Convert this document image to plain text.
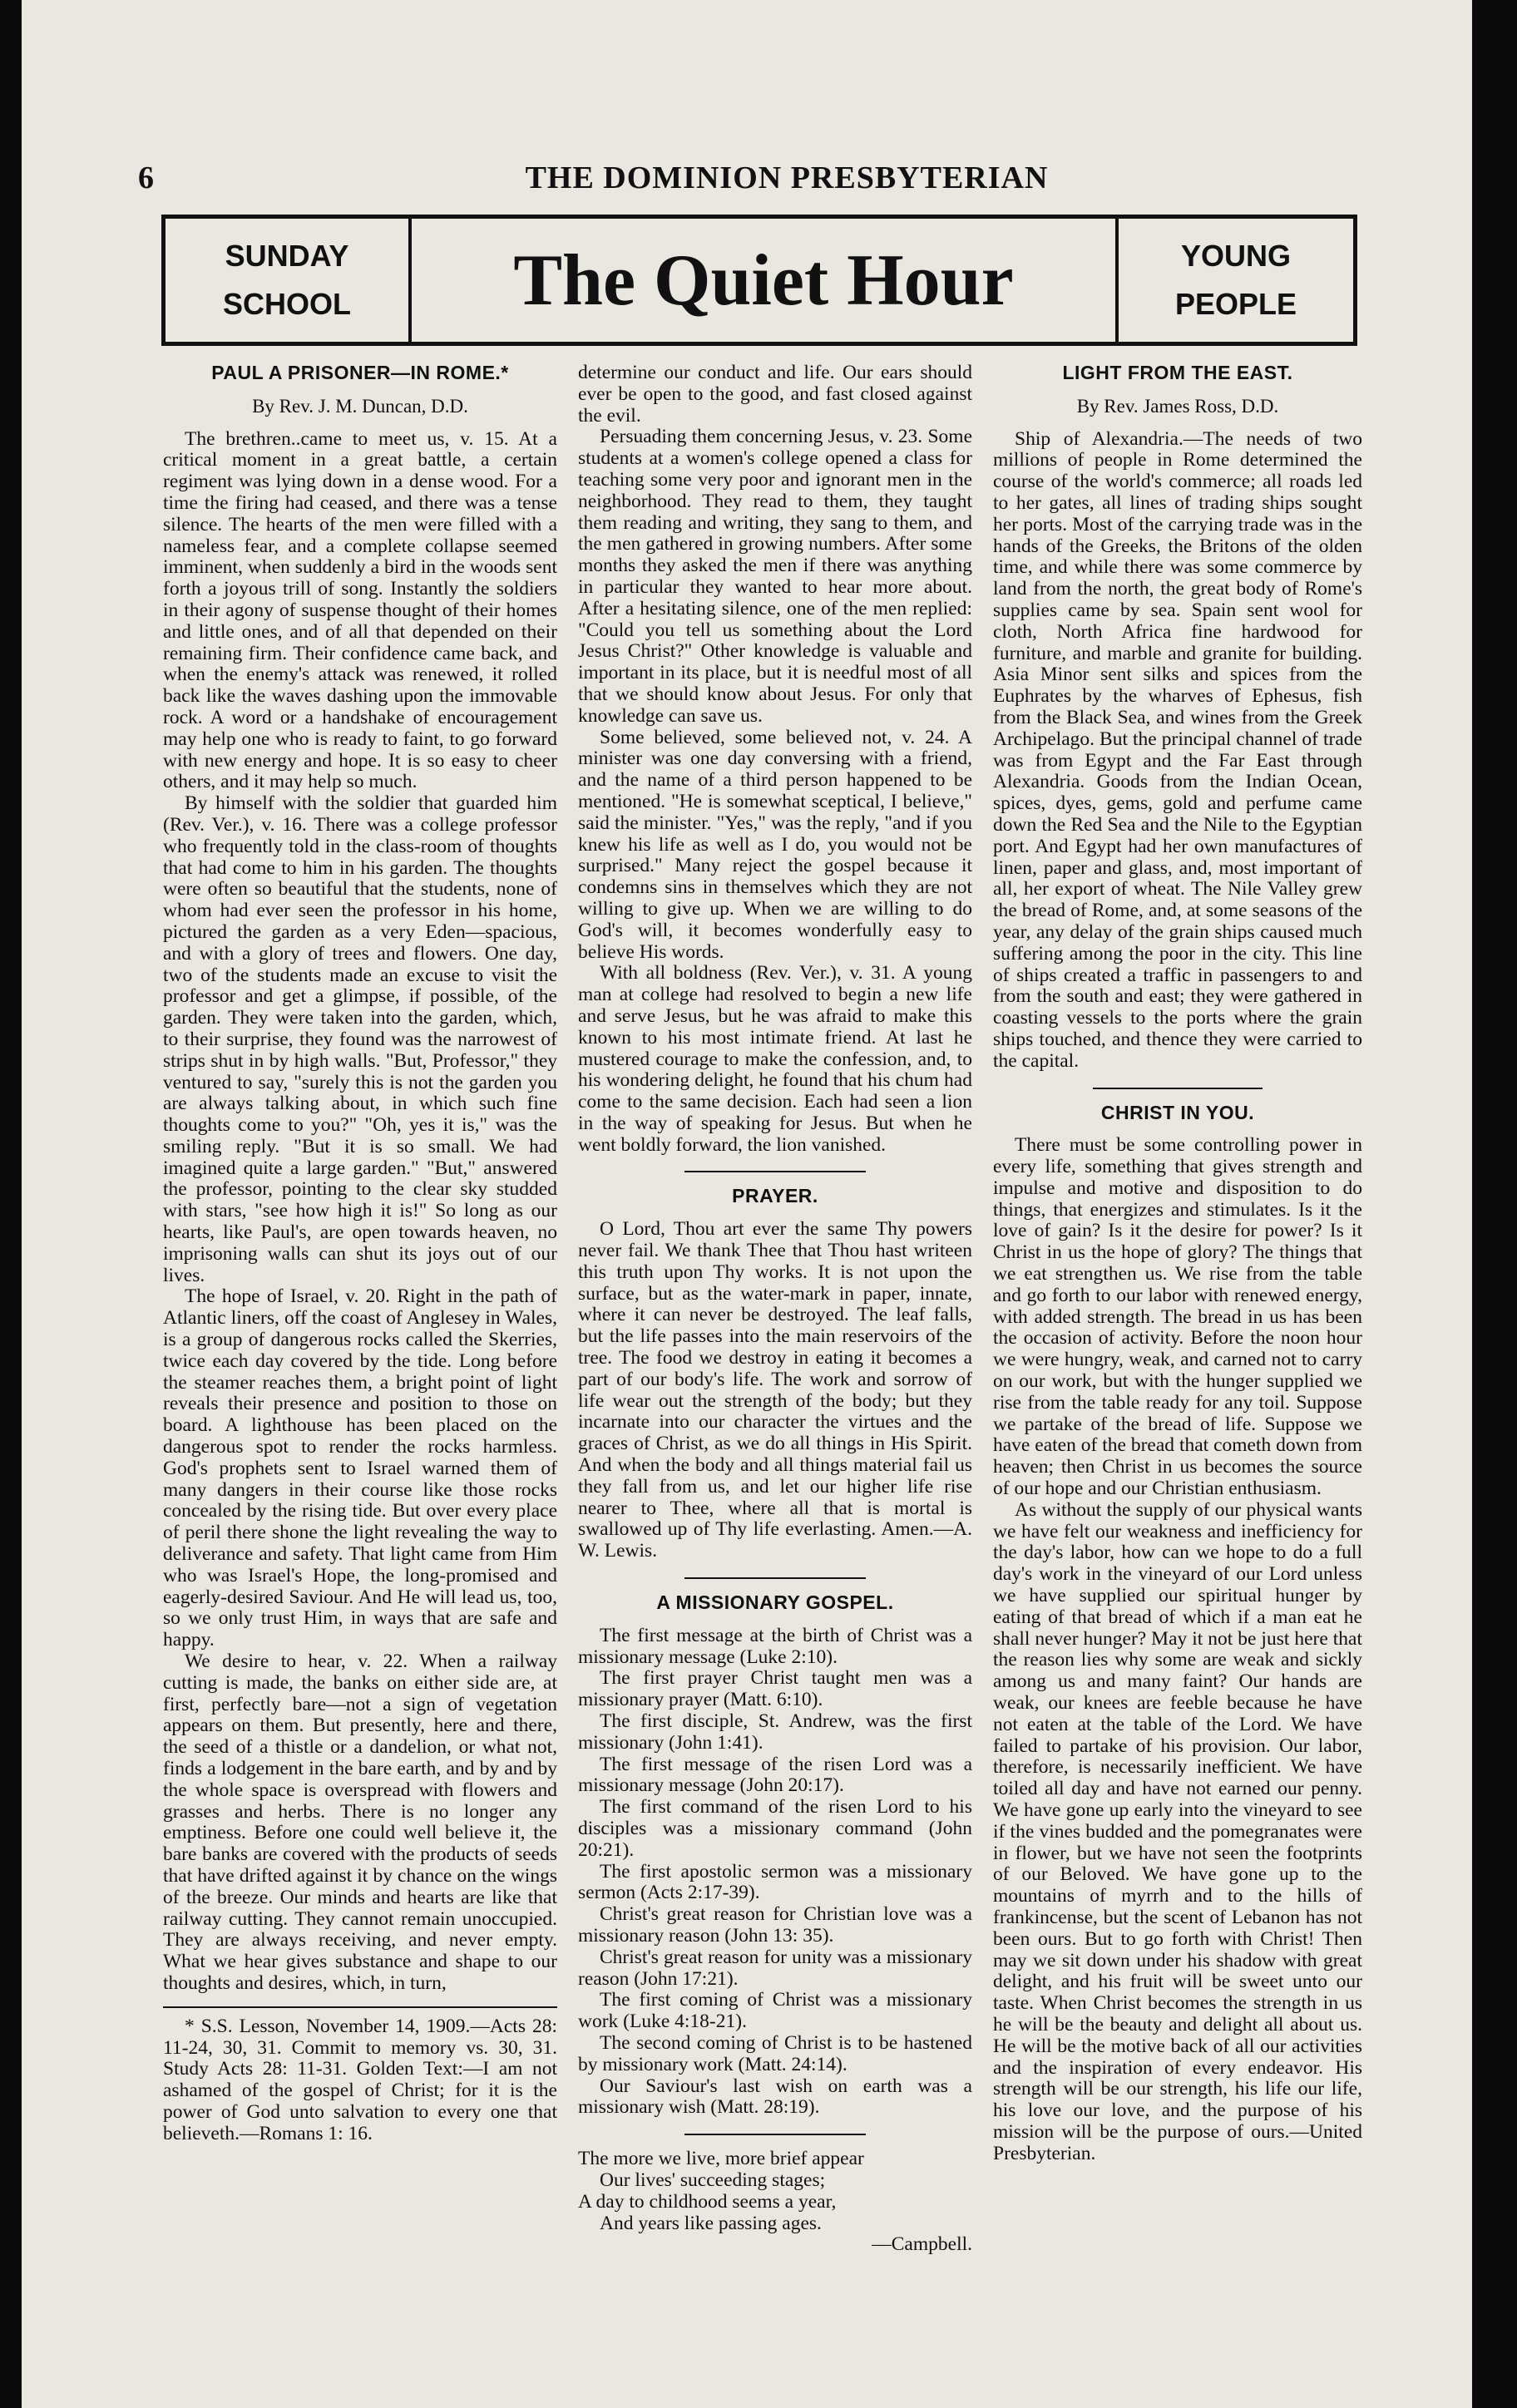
6	THE DOMINION PRESBYTERIAN
SUNDAY
SCHOOL	The Quiet Hour	YOUNG
PEOPLE
PAUL A PRISONER—IN ROME.*
By Rev. J. M. Duncan, D.D.

The brethren..came to meet us, v. 15. At a critical moment in a great battle, a certain regiment was lying down in a dense wood. For a time the firing had ceased, and there was a tense silence. The hearts of the men were filled with a nameless fear, and a complete collapse seemed imminent, when suddenly a bird in the woods sent forth a joyous trill of song. Instantly the soldiers in their agony of suspense thought of their homes and little ones, and of all that depended on their remaining firm. Their confidence came back, and when the enemy's attack was renewed, it rolled back like the waves dashing upon the immovable rock. A word or a handshake of encouragement may help one who is ready to faint, to go forward with new energy and hope. It is so easy to cheer others, and it may help so much.

By himself with the soldier that guarded him (Rev. Ver.), v. 16. There was a college professor who frequently told in the class-room of thoughts that had come to him in his garden. The thoughts were often so beautiful that the students, none of whom had ever seen the professor in his home, pictured the garden as a very Eden—spacious, and with a glory of trees and flowers. One day, two of the students made an excuse to visit the professor and get a glimpse, if possible, of the garden. They were taken into the garden, which, to their surprise, they found was the narrowest of strips shut in by high walls. "But, Professor," they ventured to say, "surely this is not the garden you are always talking about, in which such fine thoughts come to you?" "Oh, yes it is," was the smiling reply. "But it is so small. We had imagined quite a large garden." "But," answered the professor, pointing to the clear sky studded with stars, "see how high it is!" So long as our hearts, like Paul's, are open towards heaven, no imprisoning walls can shut its joys out of our lives.

The hope of Israel, v. 20. Right in the path of Atlantic liners, off the coast of Anglesey in Wales, is a group of dangerous rocks called the Skerries, twice each day covered by the tide. Long before the steamer reaches them, a bright point of light reveals their presence and position to those on board. A lighthouse has been placed on the dangerous spot to render the rocks harmless. God's prophets sent to Israel warned them of many dangers in their course like those rocks concealed by the rising tide. But over every place of peril there shone the light revealing the way to deliverance and safety. That light came from Him who was Israel's Hope, the long-promised and eagerly-desired Saviour. And He will lead us, too, so we only trust Him, in ways that are safe and happy.

We desire to hear, v. 22. When a railway cutting is made, the banks on either side are, at first, perfectly bare—not a sign of vegetation appears on them. But presently, here and there, the seed of a thistle or a dandelion, or what not, finds a lodgement in the bare earth, and by and by the whole space is overspread with flowers and grasses and herbs. There is no longer any emptiness. Before one could well believe it, the bare banks are covered with the products of seeds that have drifted against it by chance on the wings of the breeze. Our minds and hearts are like that railway cutting. They cannot remain unoccupied. They are always receiving, and never empty. What we hear gives substance and shape to our thoughts and desires, which, in turn,

* S.S. Lesson, November 14, 1909.—Acts 28: 11-24, 30, 31. Commit to memory vs. 30, 31. Study Acts 28: 11-31. Golden Text:—I am not ashamed of the gospel of Christ; for it is the power of God unto salvation to every one that believeth.—Romans 1: 16.

determine our conduct and life. Our ears should ever be open to the good, and fast closed against the evil.

Persuading them concerning Jesus, v. 23. Some students at a women's college opened a class for teaching some very poor and ignorant men in the neighborhood. They read to them, they taught them reading and writing, they sang to them, and the men gathered in growing numbers. After some months they asked the men if there was anything in particular they wanted to hear more about. After a hesitating silence, one of the men replied: "Could you tell us something about the Lord Jesus Christ?" Other knowledge is valuable and important in its place, but it is needful most of all that we should know about Jesus. For only that knowledge can save us.

Some believed, some believed not, v. 24. A minister was one day conversing with a friend, and the name of a third person happened to be mentioned. "He is somewhat sceptical, I believe," said the minister. "Yes," was the reply, "and if you knew his life as well as I do, you would not be surprised." Many reject the gospel because it condemns sins in themselves which they are not willing to give up. When we are willing to do God's will, it becomes wonderfully easy to believe His words.

With all boldness (Rev. Ver.), v. 31. A young man at college had resolved to begin a new life and serve Jesus, but he was afraid to make this known to his most intimate friend. At last he mustered courage to make the confession, and, to his wondering delight, he found that his chum had come to the same decision. Each had seen a lion in the way of speaking for Jesus. But when he went boldly forward, the lion vanished.

PRAYER.

O Lord, Thou art ever the same Thy powers never fail. We thank Thee that Thou hast writeen this truth upon Thy works. It is not upon the surface, but as the water-mark in paper, innate, where it can never be destroyed. The leaf falls, but the life passes into the main reservoirs of the tree. The food we destroy in eating it becomes a part of our body's life. The work and sorrow of life wear out the strength of the body; but they incarnate into our character the virtues and the graces of Christ, as we do all things in His Spirit. And when the body and all things material fail us they fall from us, and let our higher life rise nearer to Thee, where all that is mortal is swallowed up of Thy life everlasting. Amen.—A. W. Lewis.

A MISSIONARY GOSPEL.

The first message at the birth of Christ was a missionary message (Luke 2:10).

The first prayer Christ taught men was a missionary prayer (Matt. 6:10).

The first disciple, St. Andrew, was the first missionary (John 1:41).

The first message of the risen Lord was a missionary message (John 20:17).

The first command of the risen Lord to his disciples was a missionary command (John 20:21).

The first apostolic sermon was a missionary sermon (Acts 2:17-39).

Christ's great reason for Christian love was a missionary reason (John 13: 35).

Christ's great reason for unity was a missionary reason (John 17:21).

The first coming of Christ was a missionary work (Luke 4:18-21).

The second coming of Christ is to be hastened by missionary work (Matt. 24:14).

Our Saviour's last wish on earth was a missionary wish (Matt. 28:19).

The more we live, more brief appear

Our lives' succeeding stages;

A day to childhood seems a year,

And years like passing ages.

—Campbell.

LIGHT FROM THE EAST.
By Rev. James Ross, D.D.

Ship of Alexandria.—The needs of two millions of people in Rome determined the course of the world's commerce; all roads led to her gates, all lines of trading ships sought her ports. Most of the carrying trade was in the hands of the Greeks, the Britons of the olden time, and while there was some commerce by land from the north, the great body of Rome's supplies came by sea. Spain sent wool for cloth, North Africa fine hardwood for furniture, and marble and granite for building. Asia Minor sent silks and spices from the Euphrates by the wharves of Ephesus, fish from the Black Sea, and wines from the Greek Archipelago. But the principal channel of trade was from Egypt and the Far East through Alexandria. Goods from the Indian Ocean, spices, dyes, gems, gold and perfume came down the Red Sea and the Nile to the Egyptian port. And Egypt had her own manufactures of linen, paper and glass, and, most important of all, her export of wheat. The Nile Valley grew the bread of Rome, and, at some seasons of the year, any delay of the grain ships caused much suffering among the poor in the city. This line of ships created a traffic in passengers to and from the south and east; they were gathered in coasting vessels to the ports where the grain ships touched, and thence they were carried to the capital.

CHRIST IN YOU.

There must be some controlling power in every life, something that gives strength and impulse and motive and disposition to do things, that energizes and stimulates. Is it the love of gain? Is it the desire for power? Is it Christ in us the hope of glory? The things that we eat strengthen us. We rise from the table and go forth to our labor with renewed energy, with added strength. The bread in us has been the occasion of activity. Before the noon hour we were hungry, weak, and carned not to carry on our work, but with the hunger supplied we rise from the table ready for any toil. Suppose we partake of the bread of life. Suppose we have eaten of the bread that cometh down from heaven; then Christ in us becomes the source of our hope and our Christian enthusiasm.

As without the supply of our physical wants we have felt our weakness and inefficiency for the day's labor, how can we hope to do a full day's work in the vineyard of our Lord unless we have supplied our spiritual hunger by eating of that bread of which if a man eat he shall never hunger? May it not be just here that the reason lies why some are weak and sickly among us and many faint? Our hands are weak, our knees are feeble because he have not eaten at the table of the Lord. We have failed to partake of his provision. Our labor, therefore, is necessarily inefficient. We have toiled all day and have not earned our penny. We have gone up early into the vineyard to see if the vines budded and the pomegranates were in flower, but we have not seen the footprints of our Beloved. We have gone up to the mountains of myrrh and to the hills of frankincense, but the scent of Lebanon has not been ours. But to go forth with Christ! Then may we sit down under his shadow with great delight, and his fruit will be sweet unto our taste. When Christ becomes the strength in us he will be the beauty and delight all about us. He will be the motive back of all our activities and the inspiration of every endeavor. His strength will be our strength, his life our life, his love our love, and the purpose of his mission will be the purpose of ours.—United Presbyterian.
